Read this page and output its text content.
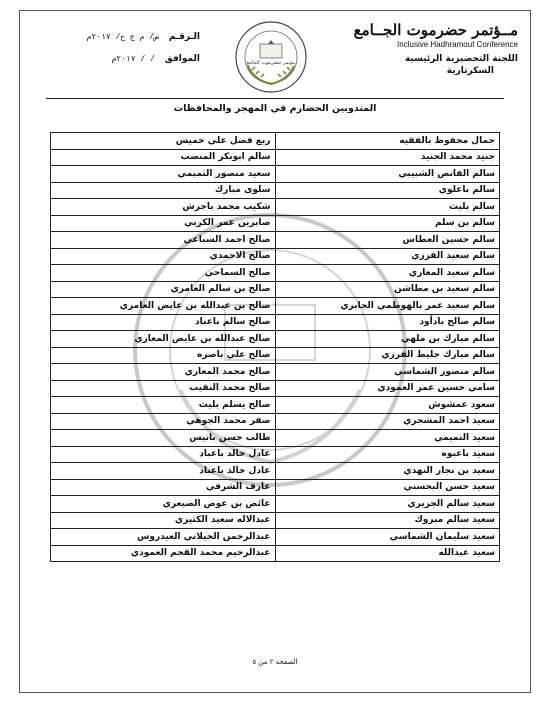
مــؤتمر حضرموت الجــامع
Inclusive Hadhramout Conference
اللجنة التحضيرية الرئيسية
السكرتارية
الـرقـم
ص/ م ج ح/ ٢٠١٧م
الموافق
/ / ٢٠١٧م	مؤتمر حضرموت الجامع
المندوبين الحضارم في المهجر والمحافظات
جمال محفوظ بالفقيه	ربع فضل علي خميس
جنيد محمد الجنيد	سالم ابوبكر المنصب
سالم القانص الشبيبي	سعيد منصور التميمي
سالم باعلوي	سلوى مبارك
سالم بليث	شكيب محمد باجرش
سالم بن سلم	صابرين عمر الكربي
سالم حسين العطاس	صالح احمد السباعي
سالم سعيد القرزي	صالح الاحمدي
سالم سعيد المعاري	صالح السماحي
سالم سعيد بن مطاشن	صالح بن سالم العامري
سالم سعيد عمر بالهوطمي الجابري	صالح بن عبدالله بن عايض العامري
سالم صالح بادأود	صالح سالم باعباد
سالم مبارك بن ملهي	صالح عبدالله بن عايض المعاري
سالم مبارك جليط القرزي	صالح علي باصره
سالم منصور الشماسي	صالح محمد المعاري
سامي حسين عمر العمودي	صالح محمد النقيب
سعود عمشوش	صالح يسلم بليث
سعيد احمد المشجري	صقر محمد الجوهي
سعيد التميمي	طالب حسن باتيس
سعيد باعبوه	عادل خالد باعباد
سعيد بن نجار النهدي	عادل خالد باعباد
سعيد حسن البحسني	عارف الشرفي
سعيد سالم الجريري	عائض بن عوض الصيعري
سعيد سالم مبروك	عبدالاله سعيد الكثيري
سعيد سليمان الشماسي	عبدالرحمن الجيلاني العيدروس
سعيد عبدالله	عبدالرحيم محمد القحم العمودي
الصفحة ٢ من ٥
